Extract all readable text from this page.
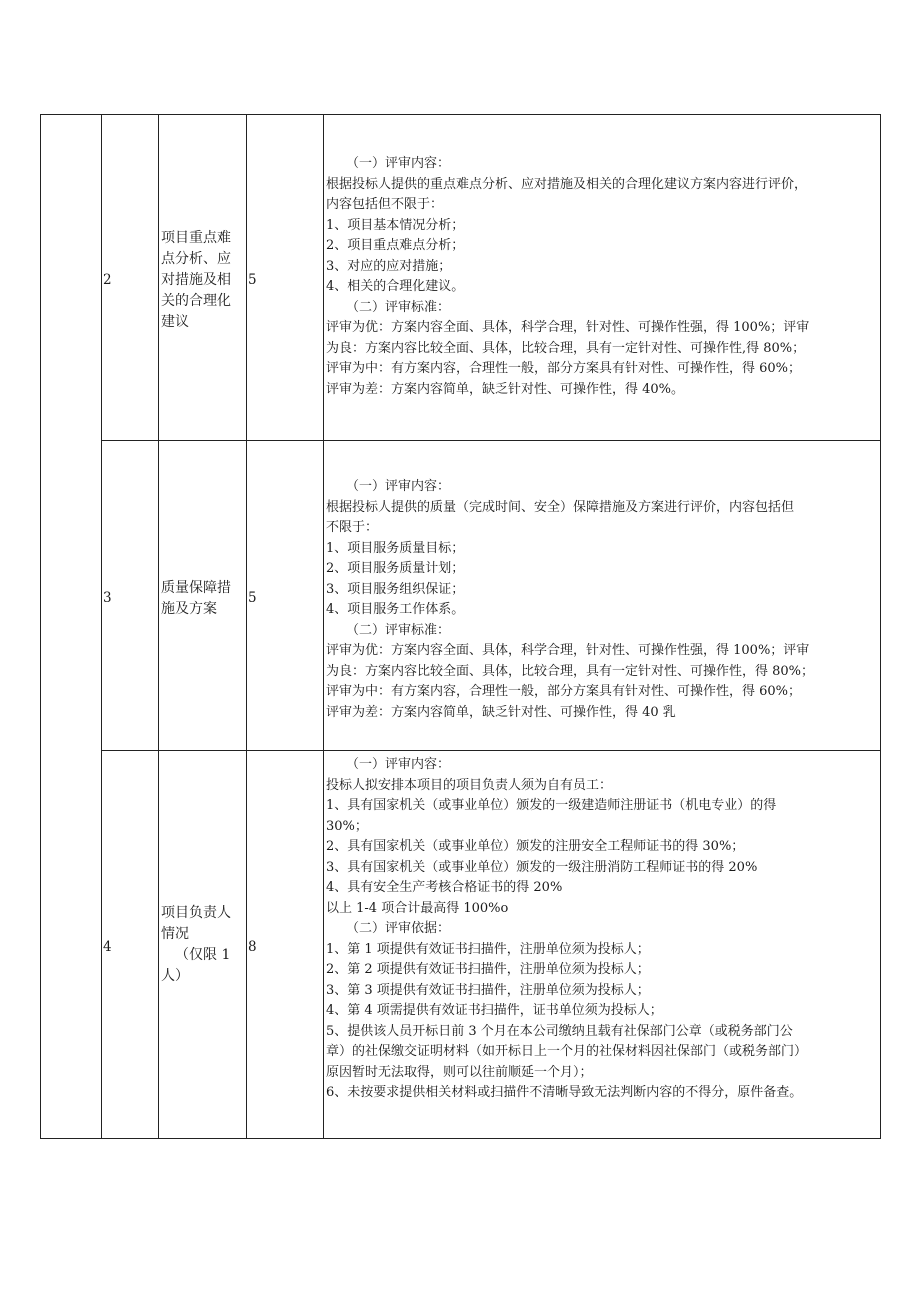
2
项目重点难
点分析、应
对措施及相
关的合理化
建议
5
（一）评审内容：
根据投标人提供的重点难点分析、应对措施及相关的合理化建议方案内容进行评价，
内容包括但不限于：
1、项目基本情况分析；
2、项目重点难点分析；
3、对应的应对措施；
4、相关的合理化建议。
（二）评审标准：
评审为优：方案内容全面、具体，科学合理，针对性、可操作性强，得 100%；评审
为良：方案内容比较全面、具体，比较合理，具有一定针对性、可操作性,得 80%；
评审为中：有方案内容，合理性一般，部分方案具有针对性、可操作性，得 60%；
评审为差：方案内容简单，缺乏针对性、可操作性，得 40%。
3
质量保障措
施及方案
5
（一）评审内容：
根据投标人提供的质量（完成时间、安全）保障措施及方案进行评价，内容包括但
不限于：
1、项目服务质量目标；
2、项目服务质量计划；
3、项目服务组织保证；
4、项目服务工作体系。
（二）评审标准：
评审为优：方案内容全面、具体，科学合理，针对性、可操作性强，得 100%；评审
为良：方案内容比较全面、具体，比较合理，具有一定针对性、可操作性，得 80%；
评审为中：有方案内容，合理性一般，部分方案具有针对性、可操作性，得 60%；
评审为差：方案内容简单，缺乏针对性、可操作性，得 40 乳
4
项目负责人
情况
（仅限 1
人）
8
（一）评审内容：
投标人拟安排本项目的项目负责人须为自有员工：
1、具有国家机关（或事业单位）颁发的一级建造师注册证书（机电专业）的得
30%；
2、具有国家机关（或事业单位）颁发的注册安全工程师证书的得 30%；
3、具有国家机关（或事业单位）颁发的一级注册消防工程师证书的得 20%
4、具有安全生产考核合格证书的得 20%
以上 1-4 项合计最高得 100%o
（二）评审依据：
1、第 1 项提供有效证书扫描件，注册单位须为投标人；
2、第 2 项提供有效证书扫描件，注册单位须为投标人；
3、第 3 项提供有效证书扫描件，注册单位须为投标人；
4、第 4 项需提供有效证书扫描件，证书单位须为投标人；
5、提供该人员开标日前 3 个月在本公司缴纳且载有社保部门公章（或税务部门公
章）的社保缴交证明材料（如开标日上一个月的社保材料因社保部门（或税务部门）
原因暂时无法取得，则可以往前顺延一个月）；
6、未按要求提供相关材料或扫描件不清晰导致无法判断内容的不得分，原件备查。
